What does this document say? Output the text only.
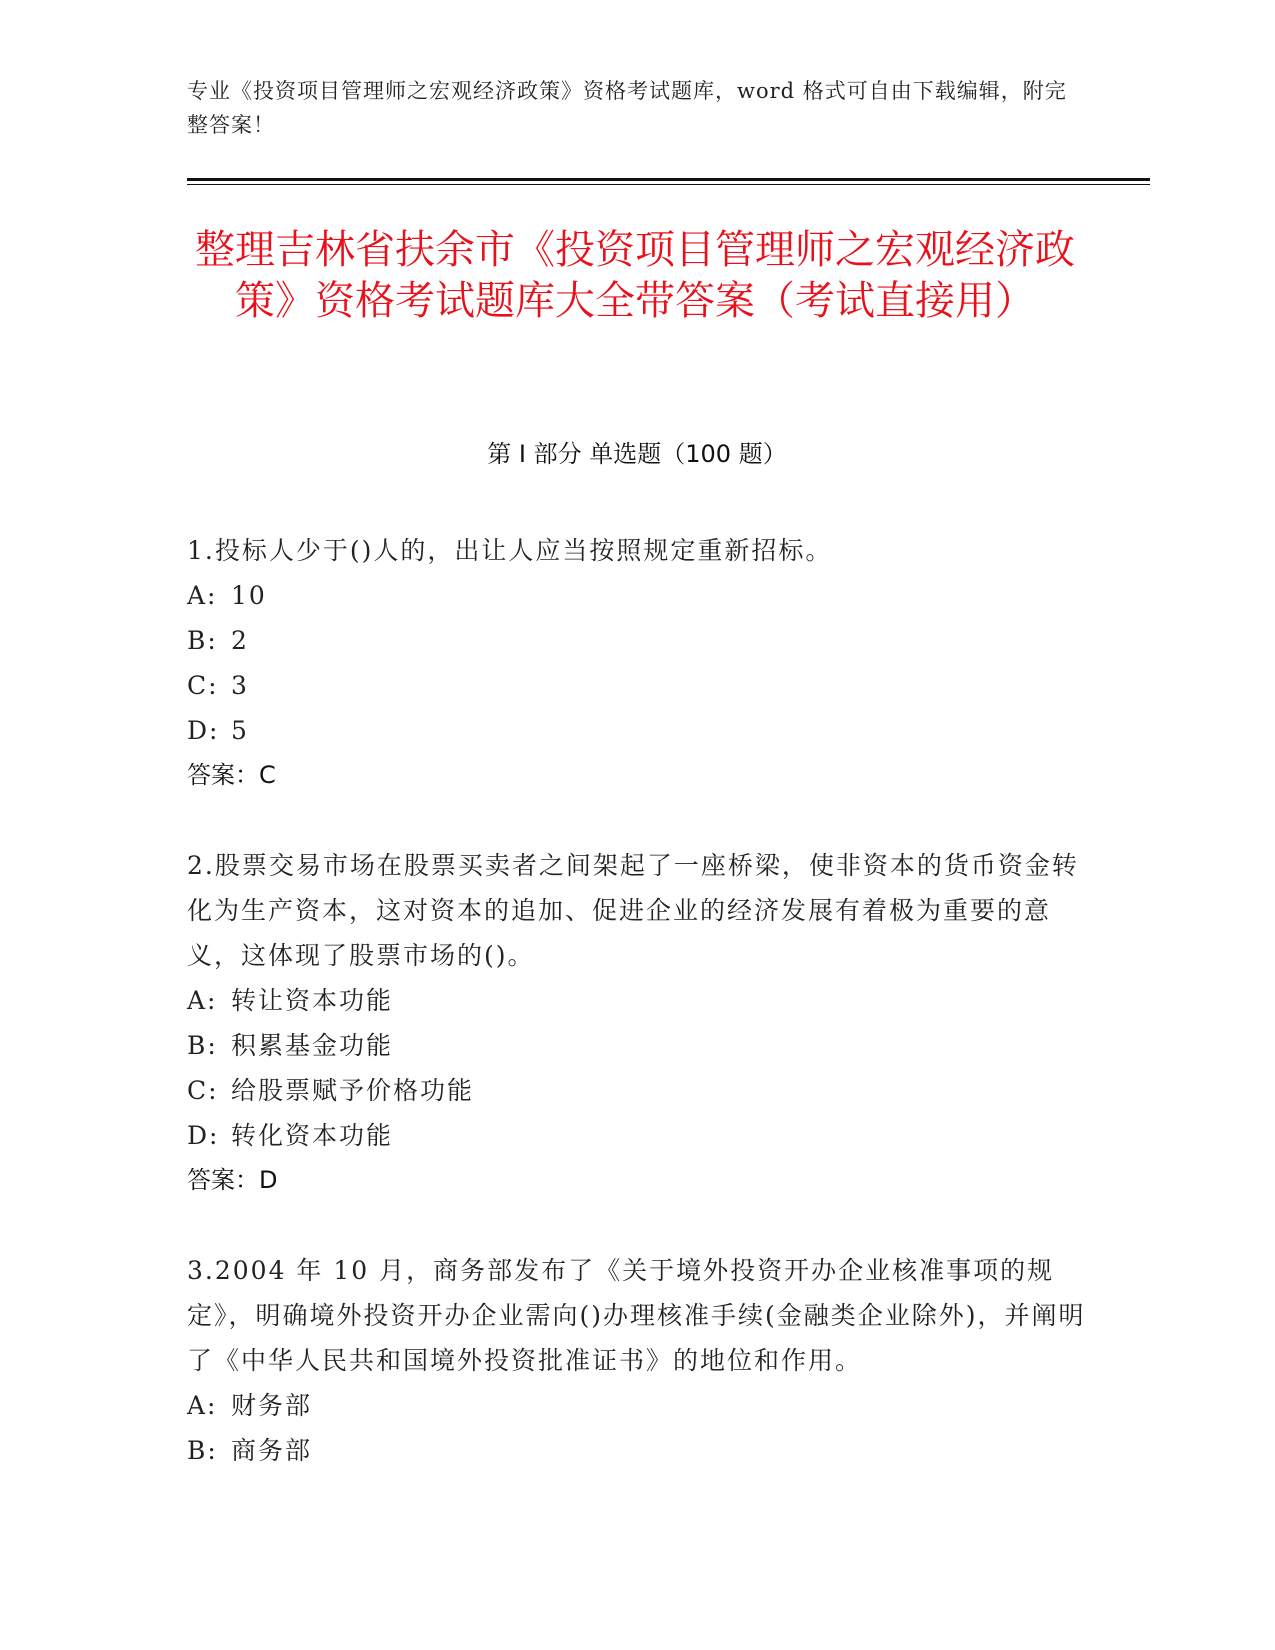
专业《投资项目管理师之宏观经济政策》资格考试题库，word 格式可自由下载编辑，附完整答案！
整理吉林省扶余市《投资项目管理师之宏观经济政策》资格考试题库大全带答案（考试直接用）
第 I 部分 单选题（100 题）

1.投标人少于()人的，出让人应当按照规定重新招标。

A: 10

B: 2

C: 3

D: 5

答案：C

2.股票交易市场在股票买卖者之间架起了一座桥梁，使非资本的货币资金转化为生产资本，这对资本的追加、促进企业的经济发展有着极为重要的意义，这体现了股票市场的()。

A: 转让资本功能

B: 积累基金功能

C: 给股票赋予价格功能

D: 转化资本功能

答案：D

3.2004 年 10 月，商务部发布了《关于境外投资开办企业核准事项的规定》，明确境外投资开办企业需向()办理核准手续(金融类企业除外)，并阐明了《中华人民共和国境外投资批准证书》的地位和作用。

A: 财务部

B: 商务部
